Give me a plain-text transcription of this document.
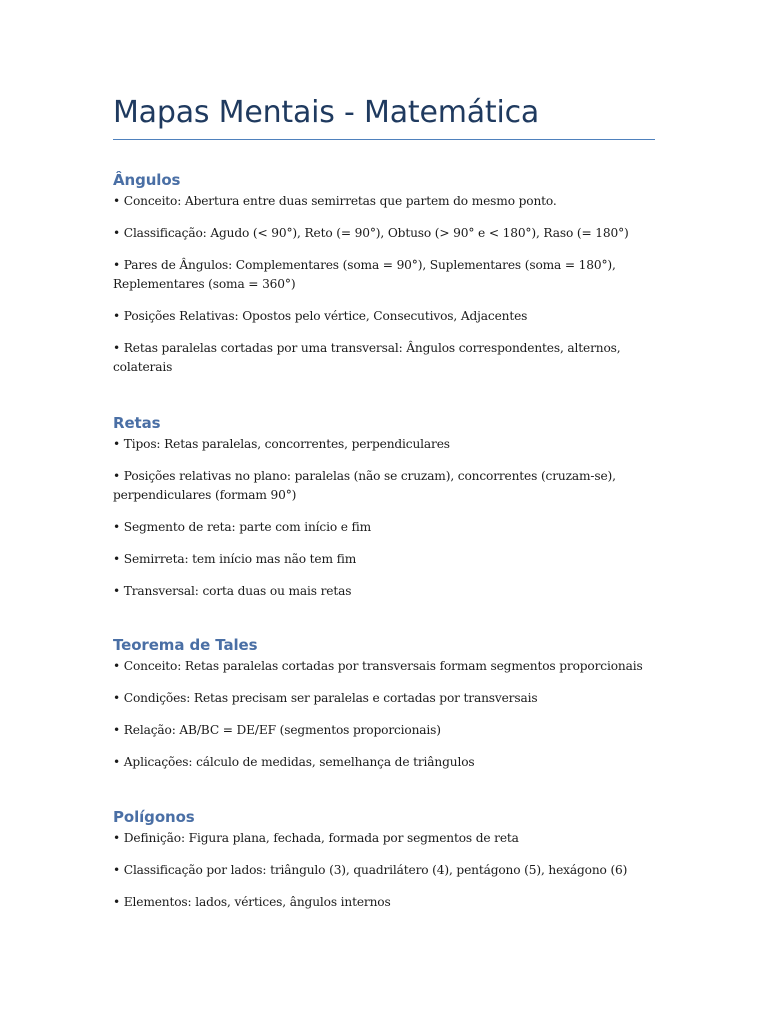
Mapas Mentais - Matemática
Ângulos

• Conceito: Abertura entre duas semirretas que partem do mesmo ponto.

• Classificação: Agudo (< 90°), Reto (= 90°), Obtuso (> 90° e < 180°), Raso (= 180°)

• Pares de Ângulos: Complementares (soma = 90°), Suplementares (soma = 180°), Replementares (soma = 360°)

• Posições Relativas: Opostos pelo vértice, Consecutivos, Adjacentes

• Retas paralelas cortadas por uma transversal: Ângulos correspondentes, alternos, colaterais

Retas

• Tipos: Retas paralelas, concorrentes, perpendiculares

• Posições relativas no plano: paralelas (não se cruzam), concorrentes (cruzam-se), perpendiculares (formam 90°)

• Segmento de reta: parte com início e fim

• Semirreta: tem início mas não tem fim

• Transversal: corta duas ou mais retas

Teorema de Tales

• Conceito: Retas paralelas cortadas por transversais formam segmentos proporcionais

• Condições: Retas precisam ser paralelas e cortadas por transversais

• Relação: AB/BC = DE/EF (segmentos proporcionais)

• Aplicações: cálculo de medidas, semelhança de triângulos

Polígonos

• Definição: Figura plana, fechada, formada por segmentos de reta

• Classificação por lados: triângulo (3), quadrilátero (4), pentágono (5), hexágono (6)

• Elementos: lados, vértices, ângulos internos
